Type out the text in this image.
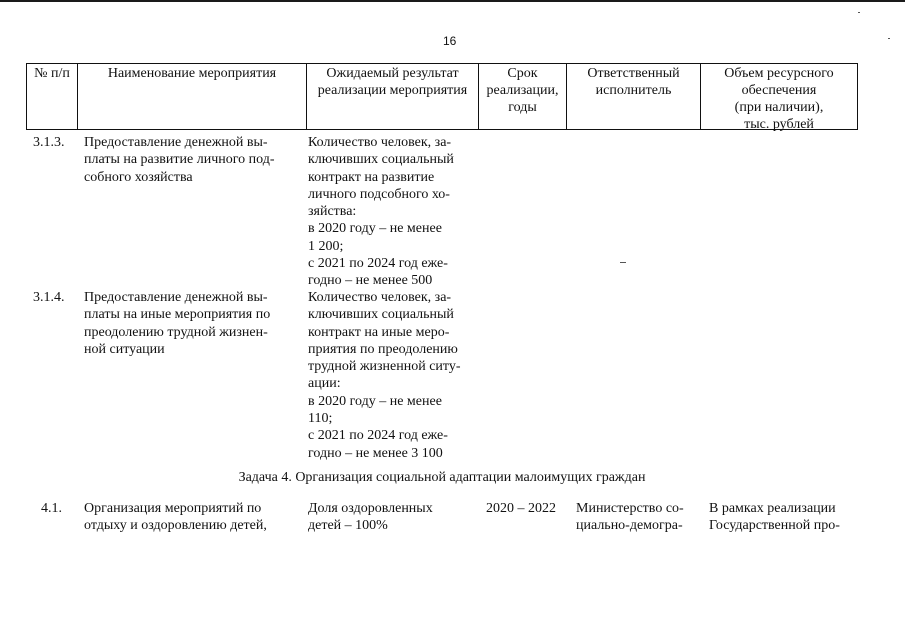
16
№ п/п	Наименование мероприятия	Ожидаемый результат
реализации мероприятия
Срок
реализации,
годы
Ответственный
исполнитель
Объем ресурсного
обеспечения
(при наличии),
тыс. рублей
3.1.3. Предоставление денежной вы-
платы на развитие личного под-
собного хозяйства
Количество человек, за-
ключивших социальный
контракт на развитие
личного подсобного хо-
зяйства:
в 2020 году – не менее
1 200;
с 2021 по 2024 год еже-
годно – не менее 500
3.1.4. Предоставление денежной вы-
платы на иные мероприятия по
преодолению трудной жизнен-
ной ситуации
Количество человек, за-
ключивших социальный
контракт на иные меро-
приятия по преодолению
трудной жизненной ситу-
ации:
в 2020 году – не менее
110;
с 2021 по 2024 год еже-
годно – не менее 3 100
Задача 4. Организация социальной адаптации малоимущих граждан
4.1. Организация мероприятий по
отдыху и оздоровлению детей,
Доля оздоровленных
детей – 100%
2020 – 2022 Министерство со-
циально-демогра-
В рамках реализации
Государственной про-
